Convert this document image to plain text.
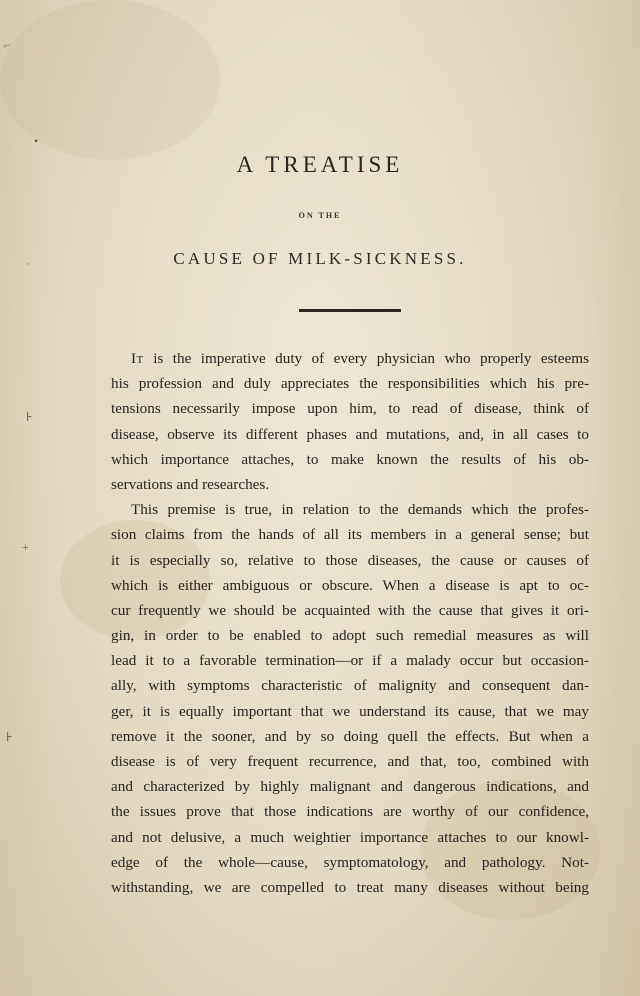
⌐
•
˙
⊦
+
⊦
A TREATISE
ON THE
CAUSE OF MILK-SICKNESS.
It is the imperative duty of every physician who properly esteems
his profession and duly appreciates the responsibilities which his pre-
tensions necessarily impose upon him, to read of disease, think of
disease, observe its different phases and mutations, and, in all cases to
which importance attaches, to make known the results of his ob-
servations and researches.
This premise is true, in relation to the demands which the profes-
sion claims from the hands of all its members in a general sense; but
it is especially so, relative to those diseases, the cause or causes of
which is either ambiguous or obscure. When a disease is apt to oc-
cur frequently we should be acquainted with the cause that gives it ori-
gin, in order to be enabled to adopt such remedial measures as will
lead it to a favorable termination—or if a malady occur but occasion-
ally, with symptoms characteristic of malignity and consequent dan-
ger, it is equally important that we understand its cause, that we may
remove it the sooner, and by so doing quell the effects. But when a
disease is of very frequent recurrence, and that, too, combined with
and characterized by highly malignant and dangerous indications, and
the issues prove that those indications are worthy of our confidence,
and not delusive, a much weightier importance attaches to our knowl-
edge of the whole—cause, symptomatology, and pathology. Not-
withstanding, we are compelled to treat many diseases without being
